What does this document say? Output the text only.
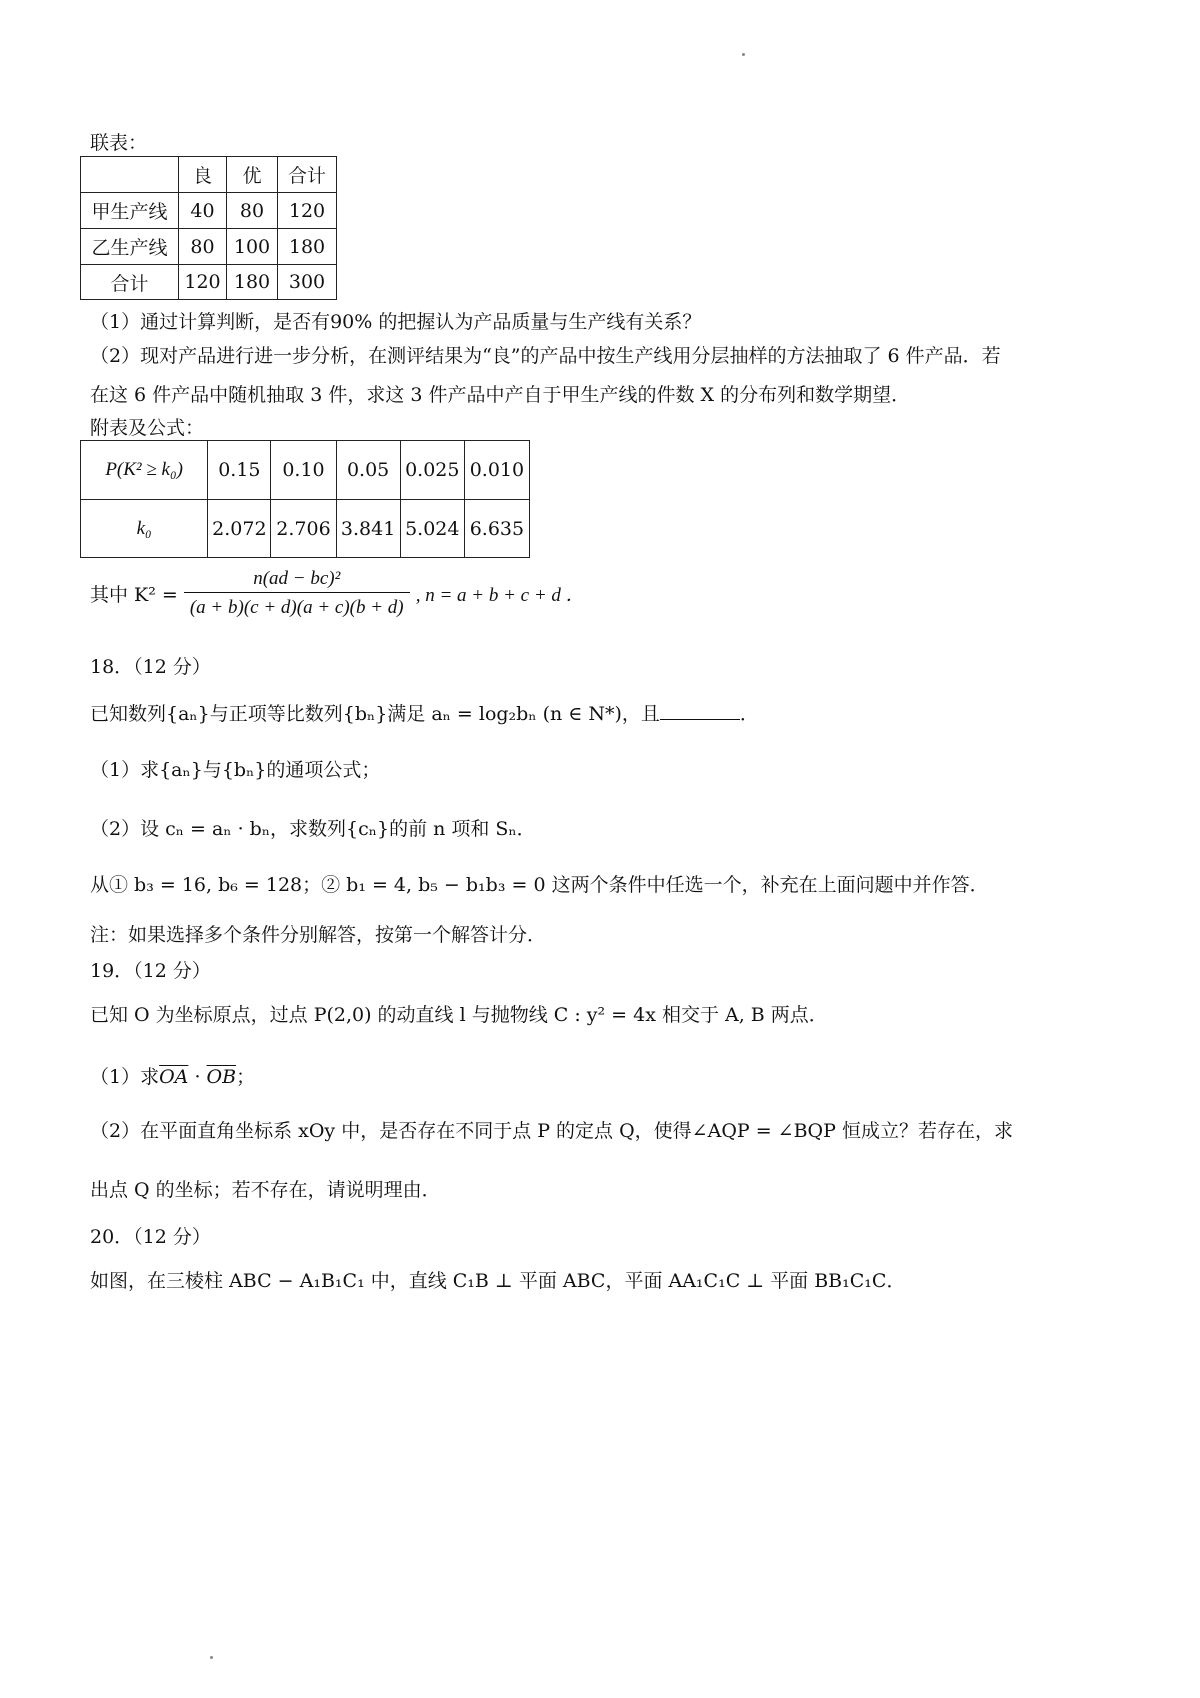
联表：
	良	优	合计
甲生产线	40	80	120
乙生产线	80	100	180
合计	120	180	300
（1）通过计算判断，是否有90% 的把握认为产品质量与生产线有关系？
（2）现对产品进行进一步分析，在测评结果为“良”的产品中按生产线用分层抽样的方法抽取了 6 件产品．若
在这 6 件产品中随机抽取 3 件，求这 3 件产品中产自于甲生产线的件数 X 的分布列和数学期望．
附表及公式：
P(K² ≥ k₀)	0.15	0.10	0.05	0.025	0.010
k₀	2.072	2.706	3.841	5.024	6.635
其中 $K^2 = \frac{\text{n(ad − bc)²}}{(a + b)(c + d)(a + c)(b + d)}$ , n = a + b + c + d ．
18．（12 分）
已知数列{aₙ}与正项等比数列{bₙ}满足 aₙ = log₂bₙ (n ∈ N*)，且	．
（1）求{aₙ}与{bₙ}的通项公式；
（2）设 cₙ = aₙ · bₙ，求数列{cₙ}的前 n 项和 Sₙ．
从① b₃ = 16, b₆ = 128；② b₁ = 4, b₅ − b₁b₃ = 0 这两个条件中任选一个，补充在上面问题中并作答．
注：如果选择多个条件分别解答，按第一个解答计分．
19．（12 分）
已知 O 为坐标原点，过点 P(2,0) 的动直线 l 与抛物线 C : y² = 4x 相交于 A, B 两点．
（1）求$\overline{OA} \cdot \overline{OB}$；
（2）在平面直角坐标系 xOy 中，是否存在不同于点 P 的定点 Q，使得∠AQP = ∠BQP 恒成立？若存在，求
出点 Q 的坐标；若不存在，请说明理由．
20．（12 分）
如图，在三棱柱 ABC − A₁B₁C₁ 中，直线 C₁B ⊥ 平面 ABC，平面 AA₁C₁C ⊥ 平面 BB₁C₁C．
